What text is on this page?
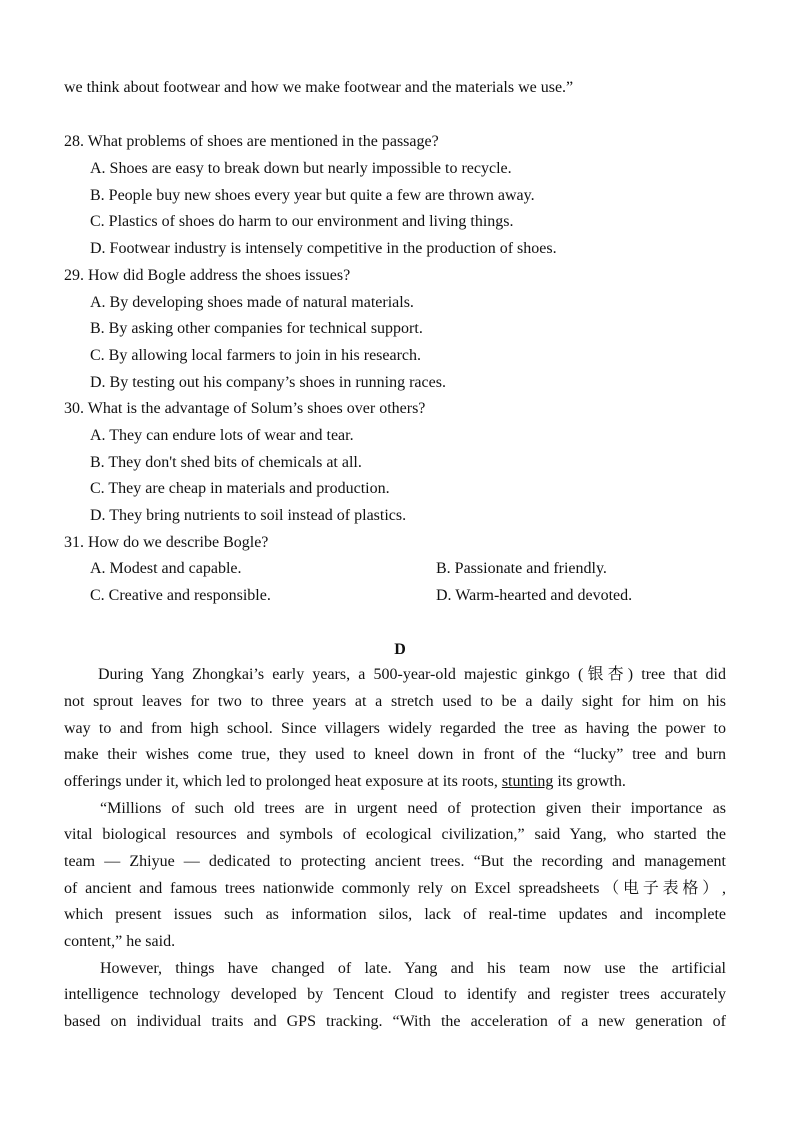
we think about footwear and how we make footwear and the materials we use.”
28. What problems of shoes are mentioned in the passage?
A. Shoes are easy to break down but nearly impossible to recycle.
B. People buy new shoes every year but quite a few are thrown away.
C. Plastics of shoes do harm to our environment and living things.
D. Footwear industry is intensely competitive in the production of shoes.
29. How did Bogle address the shoes issues?
A. By developing shoes made of natural materials.
B. By asking other companies for technical support.
C. By allowing local farmers to join in his research.
D. By testing out his company’s shoes in running races.
30. What is the advantage of Solum’s shoes over others?
A. They can endure lots of wear and tear.
B. They don't shed bits of chemicals at all.
C. They are cheap in materials and production.
D. They bring nutrients to soil instead of plastics.
31. How do we describe Bogle?
A. Modest and capable.	B. Passionate and friendly.
C. Creative and responsible.	D. Warm-hearted and devoted.
D
During Yang Zhongkai’s early years, a 500-year-old majestic ginkgo (银杏) tree that did
not sprout leaves for two to three years at a stretch used to be a daily sight for him on his
way to and from high school. Since villagers widely regarded the tree as having the power to
make their wishes come true, they used to kneel down in front of the “lucky” tree and burn
offerings under it, which led to prolonged heat exposure at its roots, stunting its growth.
“Millions of such old trees are in urgent need of protection given their importance as
vital biological resources and symbols of ecological civilization,” said Yang, who started the
team — Zhiyue — dedicated to protecting ancient trees. “But the recording and management
of ancient and famous trees nationwide commonly rely on Excel spreadsheets（电子表格）,
which present issues such as information silos, lack of real-time updates and incomplete
content,” he said.
However, things have changed of late. Yang and his team now use the artificial
intelligence technology developed by Tencent Cloud to identify and register trees accurately
based on individual traits and GPS tracking. “With the acceleration of a new generation of
